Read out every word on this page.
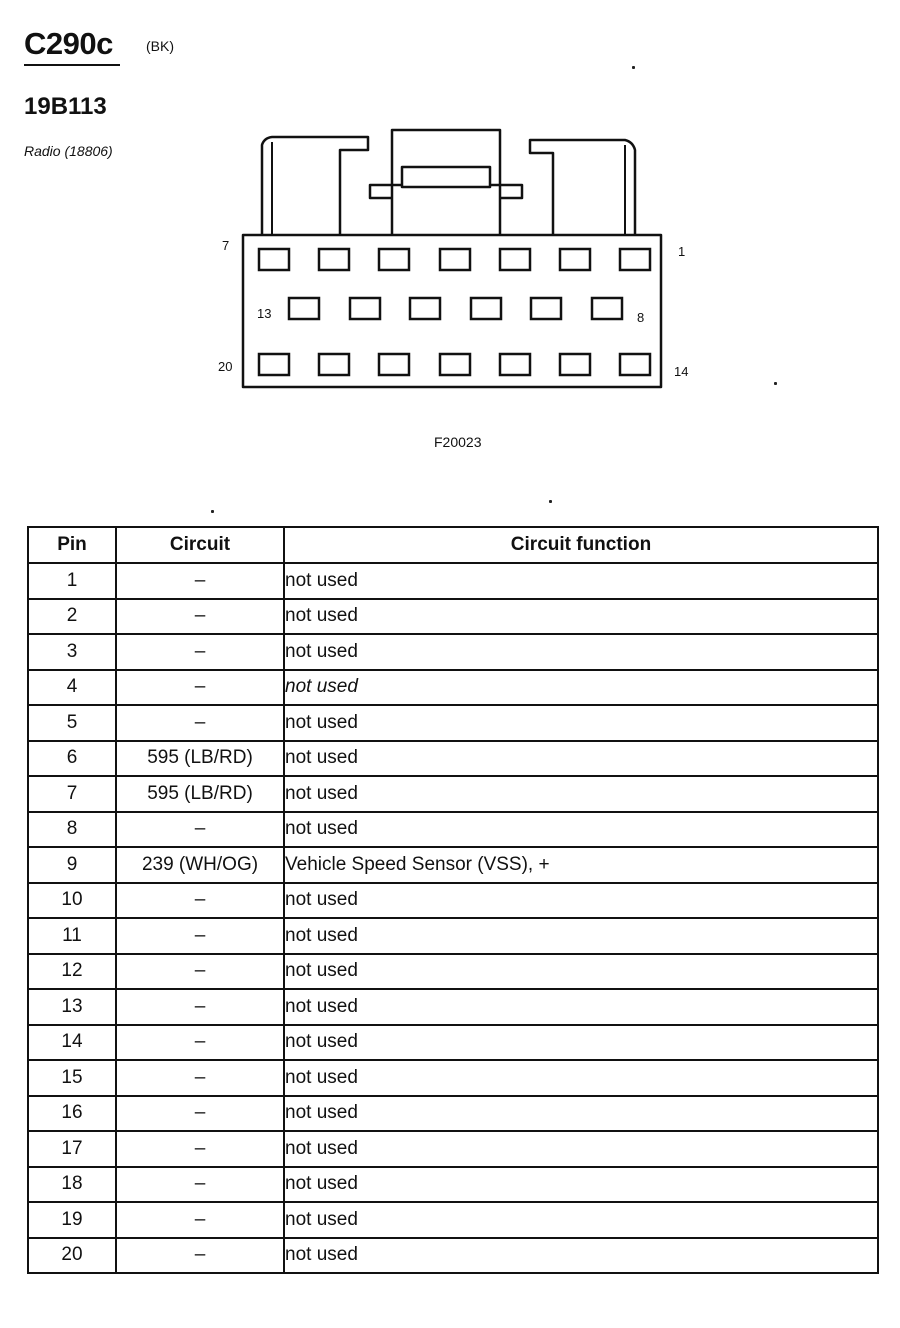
C290c (BK)
19B113
Radio (18806)
7	1
13	8
20	14
F20023
Pin	Circuit	Circuit function
1	–	not used
2	–	not used
3	–	not used
4	–	not used
5	–	not used
6	595 (LB/RD)	not used
7	595 (LB/RD)	not used
8	–	not used
9	239 (WH/OG)	Vehicle Speed Sensor (VSS), +
10	–	not used
11	–	not used
12	–	not used
13	–	not used
14	–	not used
15	–	not used
16	–	not used
17	–	not used
18	–	not used
19	–	not used
20	–	not used
